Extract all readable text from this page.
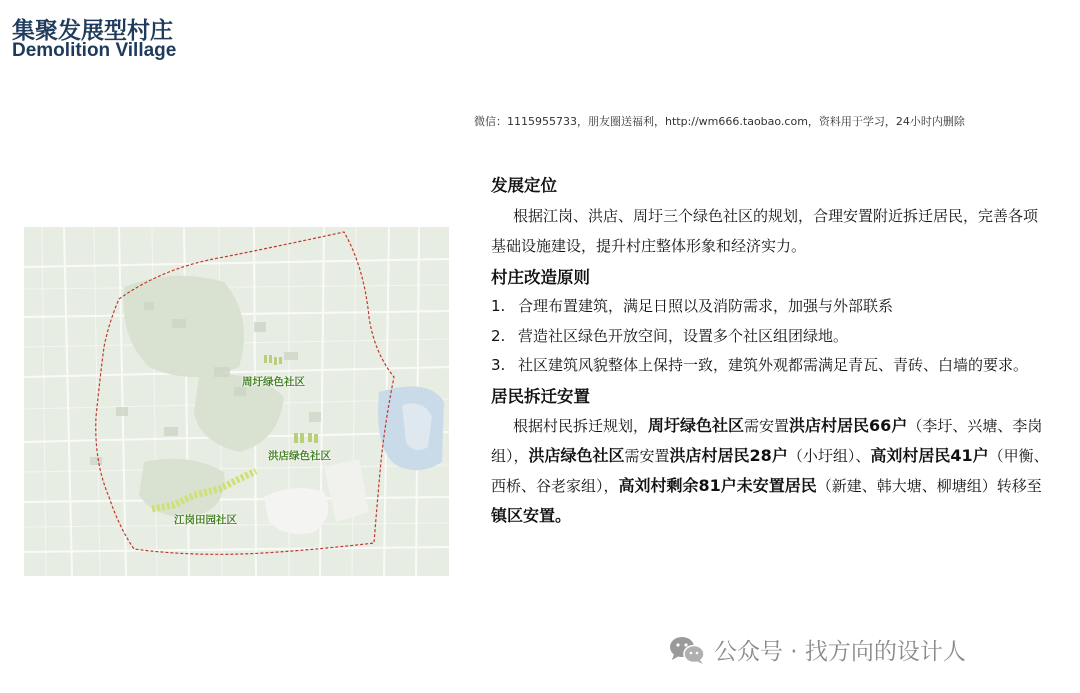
集聚发展型村庄
Demolition Village
微信：1115955733，朋友圈送福利，http://wm666.taobao.com，资料用于学习，24小时内删除
周圩绿色社区
洪店绿色社区
江岗田园社区
发展定位
根据江岗、洪店、周圩三个绿色社区的规划，合理安置附近拆迁居民，完善各项基础设施建设，提升村庄整体形象和经济实力。
村庄改造原则
1. 合理布置建筑，满足日照以及消防需求，加强与外部联系
2. 营造社区绿色开放空间，设置多个社区组团绿地。
3. 社区建筑风貌整体上保持一致，建筑外观都需满足青瓦、青砖、白墙的要求。
居民拆迁安置
根据村民拆迁规划，周圩绿色社区需安置洪店村居民66户（李圩、兴塘、李岗组），洪店绿色社区需安置洪店村居民28户（小圩组）、高刘村居民41户（甲衡、西桥、谷老家组），高刘村剩余81户未安置居民（新建、韩大塘、柳塘组）转移至镇区安置。
公众号 · 找方向的设计人
